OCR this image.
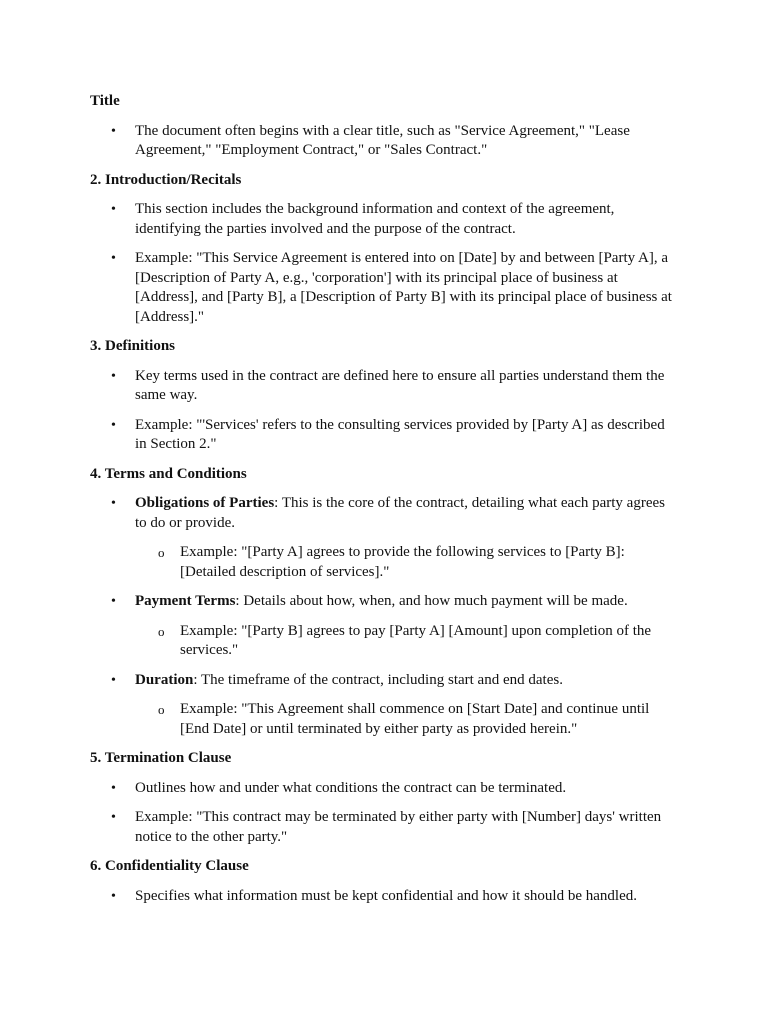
Title
• The document often begins with a clear title, such as "Service Agreement," "Lease Agreement," "Employment Contract," or "Sales Contract."
2. Introduction/Recitals
• This section includes the background information and context of the agreement, identifying the parties involved and the purpose of the contract.
• Example: "This Service Agreement is entered into on [Date] by and between [Party A], a [Description of Party A, e.g., 'corporation'] with its principal place of business at [Address], and [Party B], a [Description of Party B] with its principal place of business at [Address]."
3. Definitions
• Key terms used in the contract are defined here to ensure all parties understand them the same way.
• Example: "'Services' refers to the consulting services provided by [Party A] as described in Section 2."
4. Terms and Conditions
• Obligations of Parties: This is the core of the contract, detailing what each party agrees to do or provide.
o Example: "[Party A] agrees to provide the following services to [Party B]: [Detailed description of services]."
• Payment Terms: Details about how, when, and how much payment will be made.
o Example: "[Party B] agrees to pay [Party A] [Amount] upon completion of the services."
• Duration: The timeframe of the contract, including start and end dates.
o Example: "This Agreement shall commence on [Start Date] and continue until [End Date] or until terminated by either party as provided herein."
5. Termination Clause
• Outlines how and under what conditions the contract can be terminated.
• Example: "This contract may be terminated by either party with [Number] days' written notice to the other party."
6. Confidentiality Clause
• Specifies what information must be kept confidential and how it should be handled.
